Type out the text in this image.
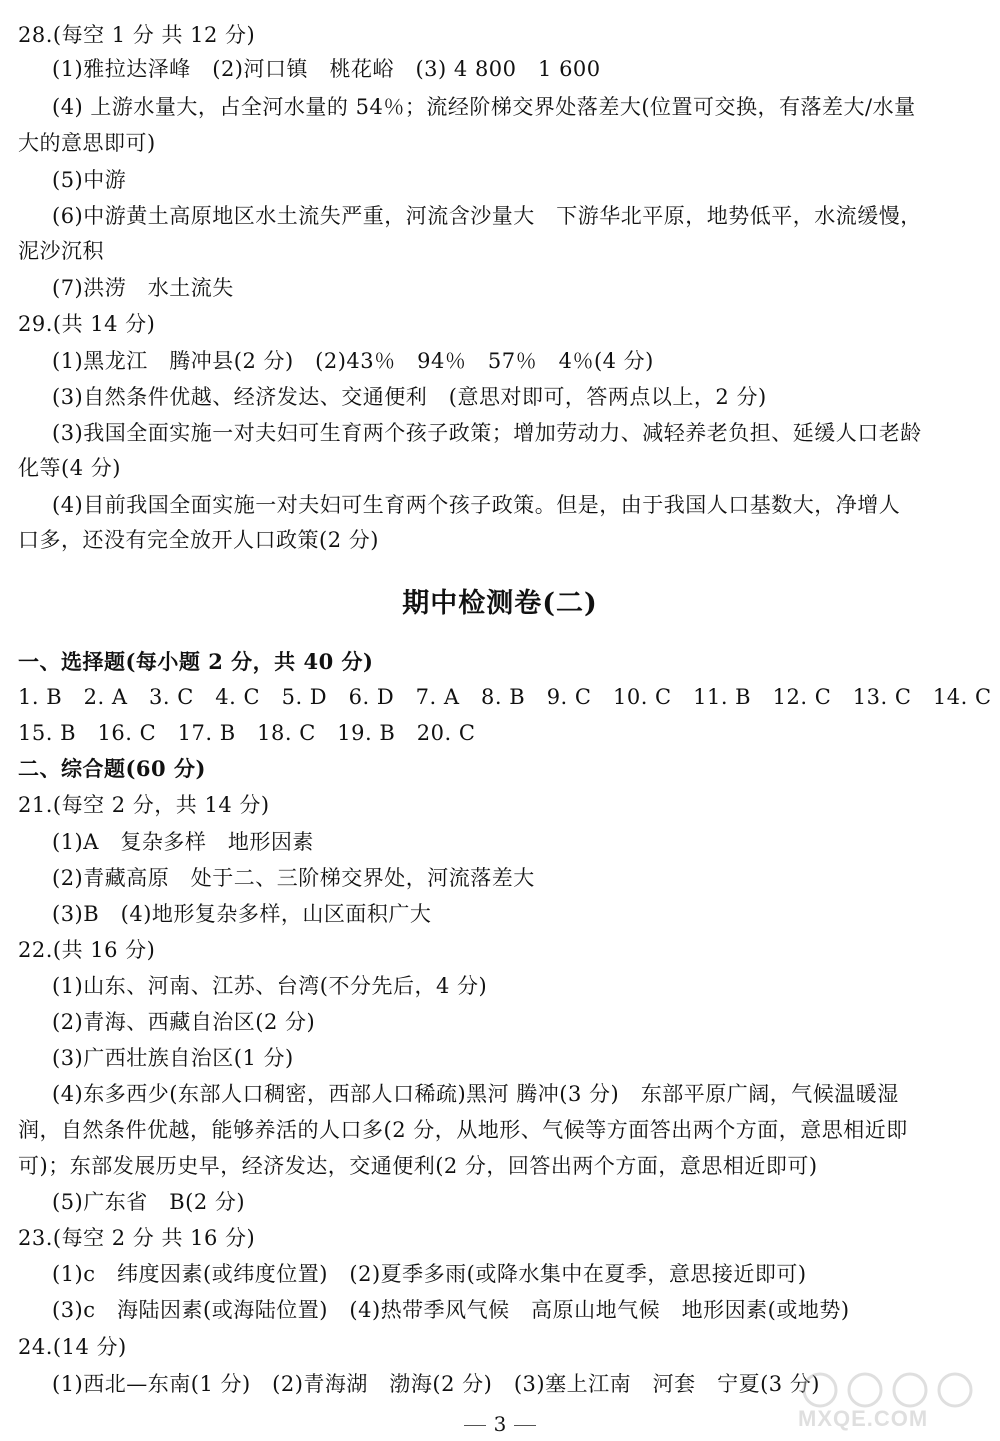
28.(每空 1 分 共 12 分)
(1)雅拉达泽峰　(2)河口镇　桃花峪　(3) 4 800　1 600
(4) 上游水量大，占全河水量的 54％；流经阶梯交界处落差大(位置可交换，有落差大/水量
大的意思即可)
(5)中游
(6)中游黄土高原地区水土流失严重，河流含沙量大　下游华北平原，地势低平，水流缓慢，
泥沙沉积
(7)洪涝　水土流失
29.(共 14 分)
(1)黑龙江　腾冲县(2 分)　(2)43％　94％　57％　4％(4 分)
(3)自然条件优越、经济发达、交通便利　(意思对即可，答两点以上，2 分)
(3)我国全面实施一对夫妇可生育两个孩子政策；增加劳动力、减轻养老负担、延缓人口老龄
化等(4 分)
(4)目前我国全面实施一对夫妇可生育两个孩子政策。但是，由于我国人口基数大，净增人
口多，还没有完全放开人口政策(2 分)
期中检测卷(二)
一、选择题(每小题 2 分，共 40 分)
1. B　2. A　3. C　4. C　5. D　6. D　7. A　8. B　9. C　10. C　11. B　12. C　13. C　14. C
15. B　16. C　17. B　18. C　19. B　20. C
二、综合题(60 分)
21.(每空 2 分，共 14 分)
(1)A　复杂多样　地形因素
(2)青藏高原　处于二、三阶梯交界处，河流落差大
(3)B　(4)地形复杂多样，山区面积广大
22.(共 16 分)
(1)山东、河南、江苏、台湾(不分先后，4 分)
(2)青海、西藏自治区(2 分)
(3)广西壮族自治区(1 分)
(4)东多西少(东部人口稠密，西部人口稀疏)黑河 腾冲(3 分)　东部平原广阔，气候温暖湿
润，自然条件优越，能够养活的人口多(2 分，从地形、气候等方面答出两个方面，意思相近即
可)；东部发展历史早，经济发达，交通便利(2 分，回答出两个方面，意思相近即可)
(5)广东省　B(2 分)
23.(每空 2 分 共 16 分)
(1)c　纬度因素(或纬度位置)　(2)夏季多雨(或降水集中在夏季，意思接近即可)
(3)c　海陆因素(或海陆位置)　(4)热带季风气候　高原山地气候　地形因素(或地势)
24.(14 分)
(1)西北—东南(1 分)　(2)青海湖　渤海(2 分)　(3)塞上江南　河套　宁夏(3 分)
MXQE.COM
3
